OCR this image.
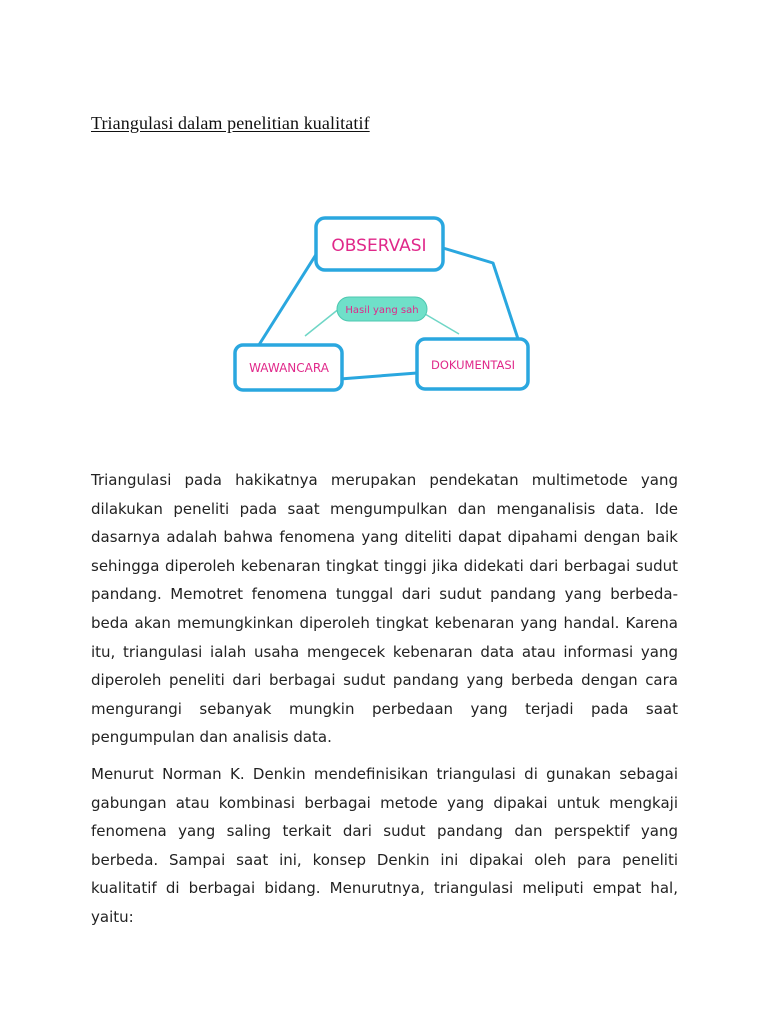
Triangulasi dalam penelitian kualitatif
OBSERVASI
WAWANCARA	DOKUMENTASI
Hasil yang sah

Triangulasi pada hakikatnya merupakan pendekatan multimetode yang dilakukan peneliti pada saat mengumpulkan dan menganalisis data. Ide dasarnya adalah bahwa fenomena yang diteliti dapat dipahami dengan baik sehingga diperoleh kebenaran tingkat tinggi jika didekati dari berbagai sudut pandang. Memotret fenomena tunggal dari sudut pandang yang berbeda-beda akan memungkinkan diperoleh tingkat kebenaran yang handal. Karena itu, triangulasi ialah usaha mengecek kebenaran data atau informasi yang diperoleh peneliti dari berbagai sudut pandang yang berbeda dengan cara mengurangi sebanyak mungkin perbedaan yang terjadi pada saat pengumpulan dan analisis data.

Menurut Norman K. Denkin mendefinisikan triangulasi di gunakan sebagai gabungan atau kombinasi berbagai metode yang dipakai untuk mengkaji fenomena yang saling terkait dari sudut pandang dan perspektif yang berbeda. Sampai saat ini, konsep Denkin ini dipakai oleh para peneliti kualitatif di berbagai bidang. Menurutnya, triangulasi meliputi empat hal, yaitu:
